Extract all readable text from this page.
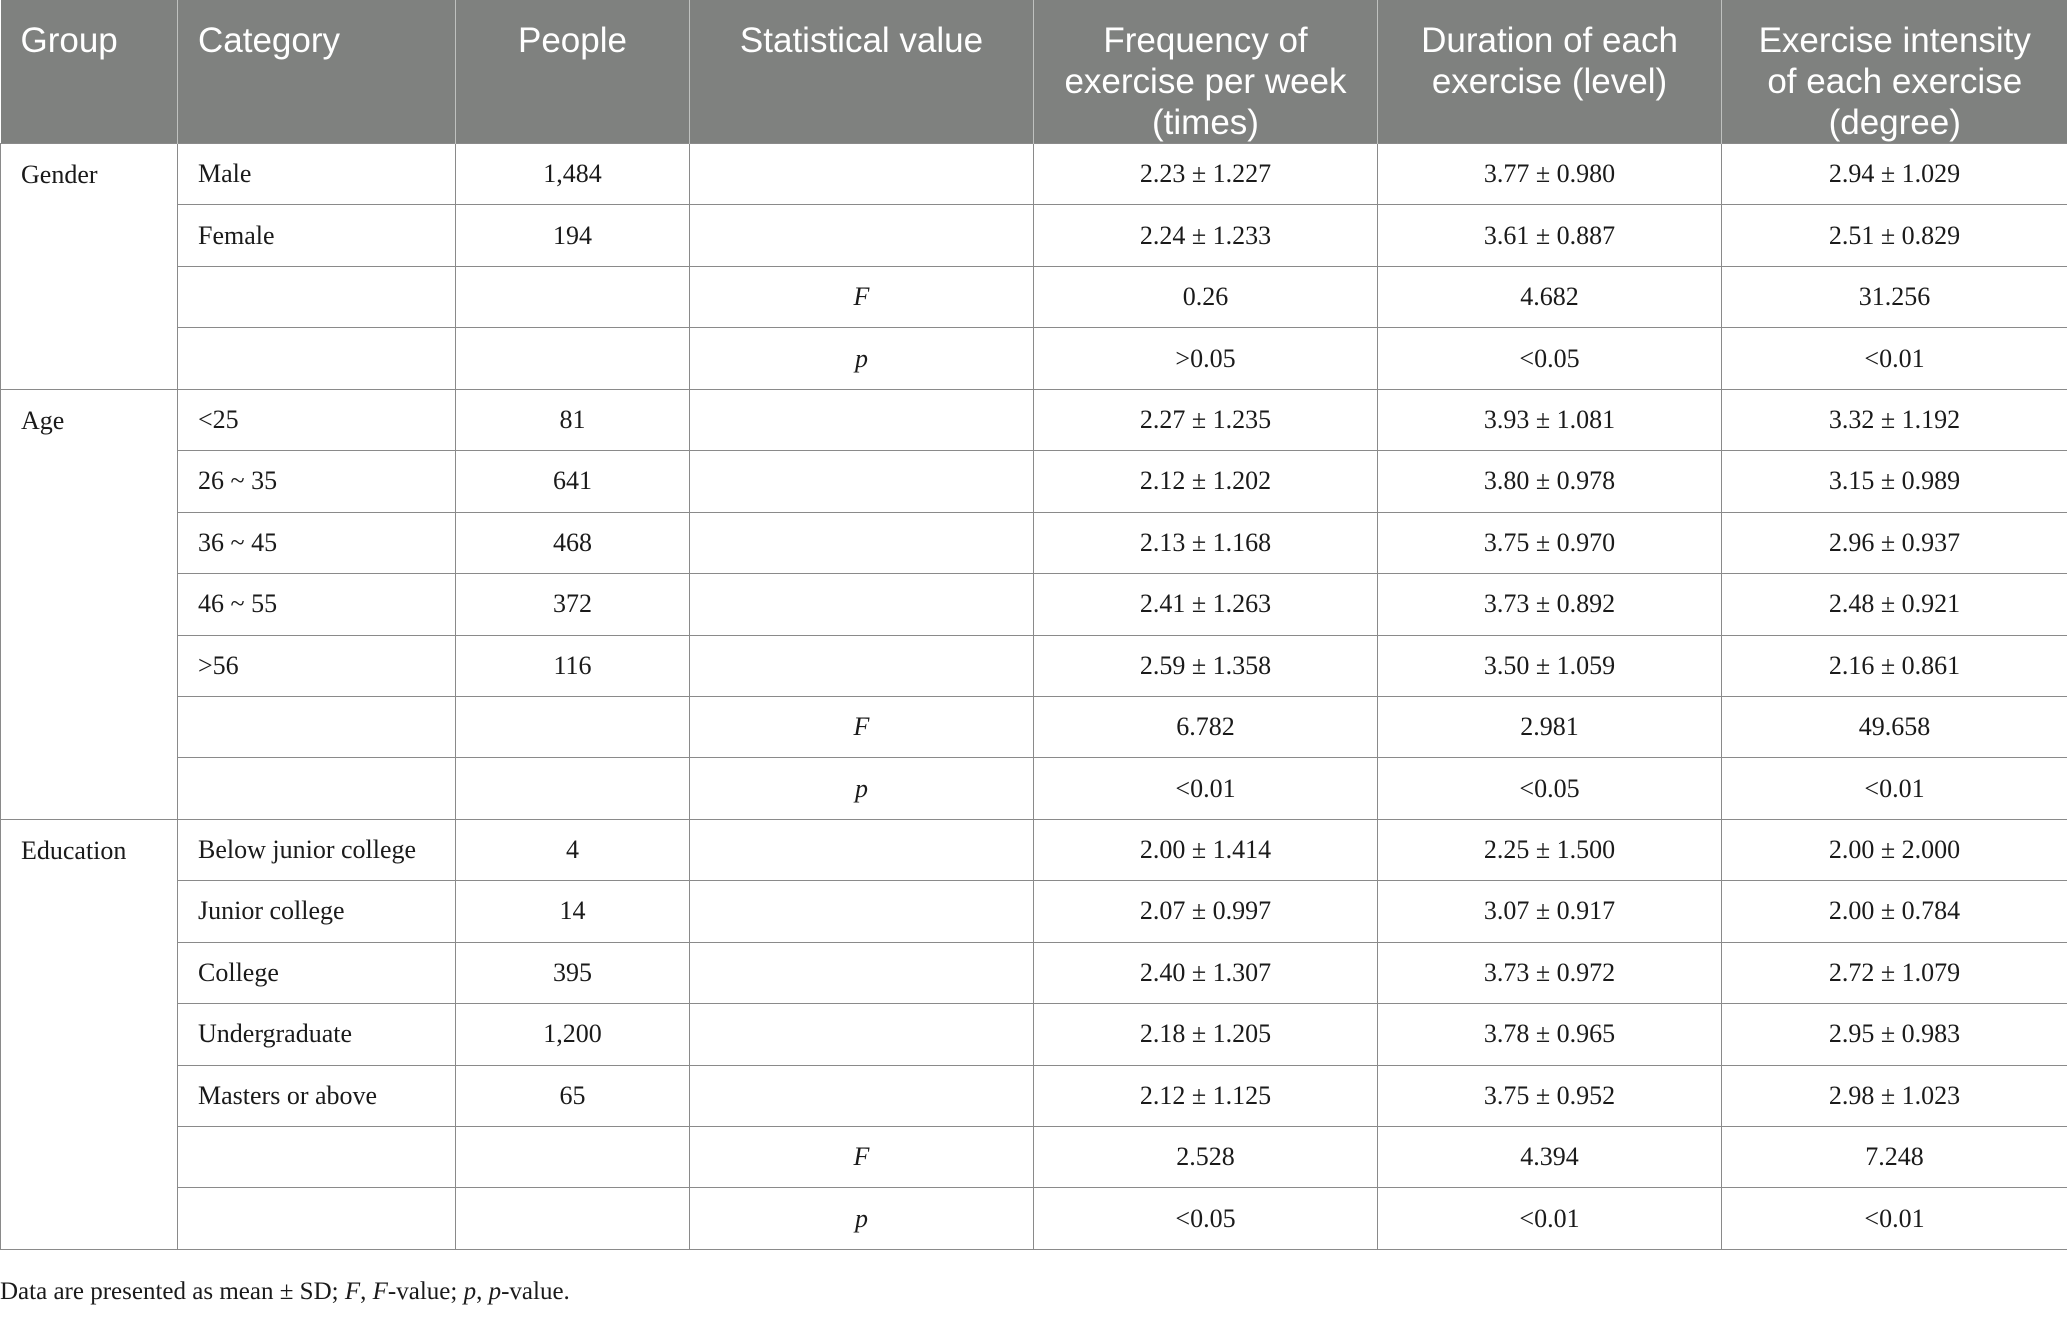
Group	Category	People	Statistical value	Frequency of exercise per week (times)	Duration of each exercise (level)	Exercise intensity of each exercise (degree)
Gender	Male	1,484		2.23 ± 1.227	3.77 ± 0.980	2.94 ± 1.029
	Female	194		2.24 ± 1.233	3.61 ± 0.887	2.51 ± 0.829
			F	0.26	4.682	31.256
			p	>0.05	<0.05	<0.01
Age	<25	81		2.27 ± 1.235	3.93 ± 1.081	3.32 ± 1.192
	26 ~ 35	641		2.12 ± 1.202	3.80 ± 0.978	3.15 ± 0.989
	36 ~ 45	468		2.13 ± 1.168	3.75 ± 0.970	2.96 ± 0.937
	46 ~ 55	372		2.41 ± 1.263	3.73 ± 0.892	2.48 ± 0.921
	>56	116		2.59 ± 1.358	3.50 ± 1.059	2.16 ± 0.861
			F	6.782	2.981	49.658
			p	<0.01	<0.05	<0.01
Education	Below junior college	4		2.00 ± 1.414	2.25 ± 1.500	2.00 ± 2.000
	Junior college	14		2.07 ± 0.997	3.07 ± 0.917	2.00 ± 0.784
	College	395		2.40 ± 1.307	3.73 ± 0.972	2.72 ± 1.079
	Undergraduate	1,200		2.18 ± 1.205	3.78 ± 0.965	2.95 ± 0.983
	Masters or above	65		2.12 ± 1.125	3.75 ± 0.952	2.98 ± 1.023
			F	2.528	4.394	7.248
			p	<0.05	<0.01	<0.01
Data are presented as mean ± SD; F, F-value; p, p-value.
